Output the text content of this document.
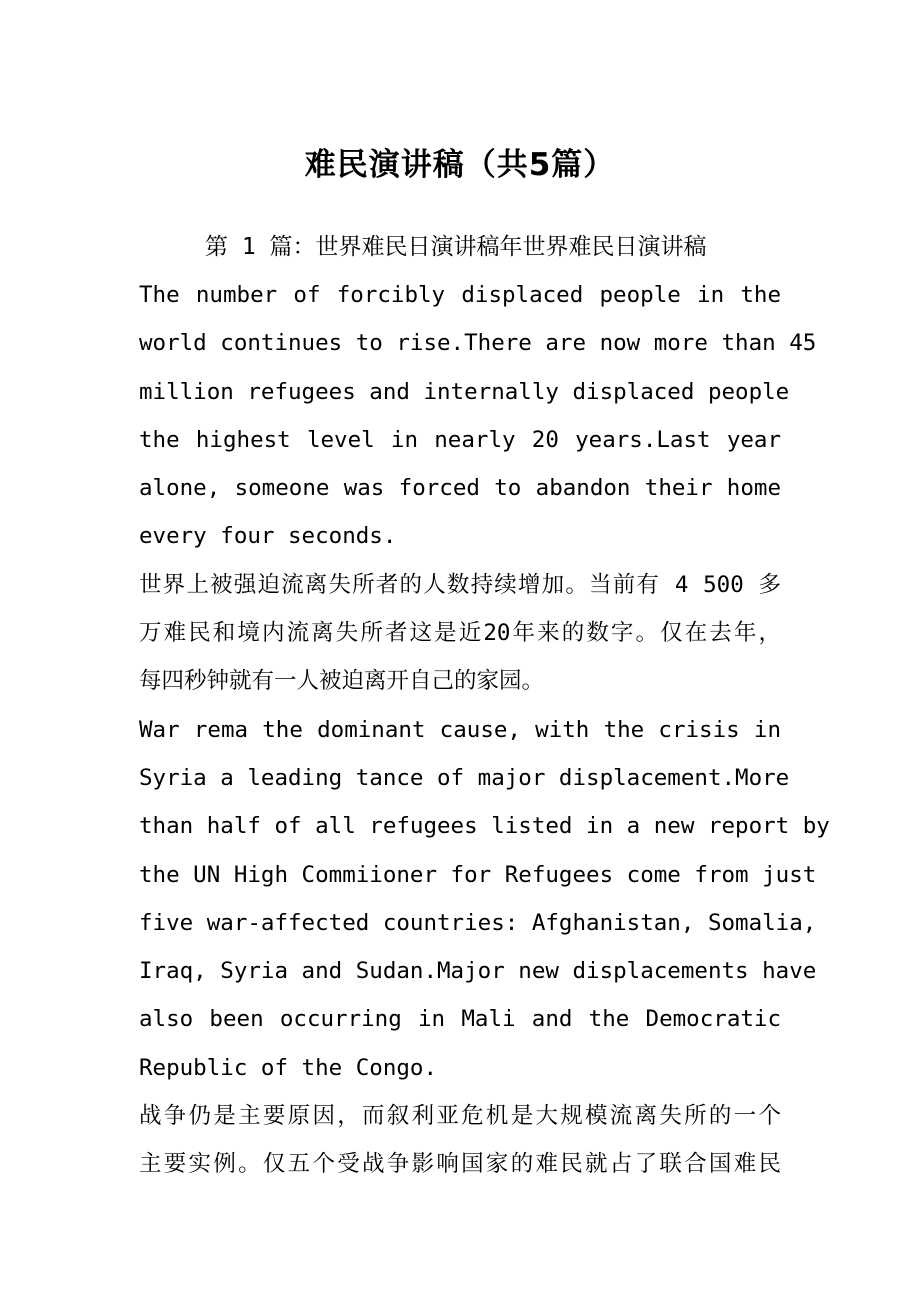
难民演讲稿（共5篇）
第 1 篇：世界难民日演讲稿年世界难民日演讲稿
The number of forcibly displaced people in the
world continues to rise.There are now more than 45
million refugees and internally displaced people
the highest level in nearly 20 years.Last year
alone, someone was forced to abandon their home
every four seconds.
世界上被强迫流离失所者的人数持续增加。当前有 4 500 多
万难民和境内流离失所者这是近20年来的数字。仅在去年，
每四秒钟就有一人被迫离开自己的家园。
War rema the dominant cause, with the crisis in
Syria a leading tance of major displacement.More
than half of all refugees listed in a new report by
the UN High Commiioner for Refugees come from just
five war-affected countries: Afghanistan, Somalia,
Iraq, Syria and Sudan.Major new displacements have
also been occurring in Mali and the Democratic
Republic of the Congo.
战争仍是主要原因，而叙利亚危机是大规模流离失所的一个
主要实例。仅五个受战争影响国家的难民就占了联合国难民
